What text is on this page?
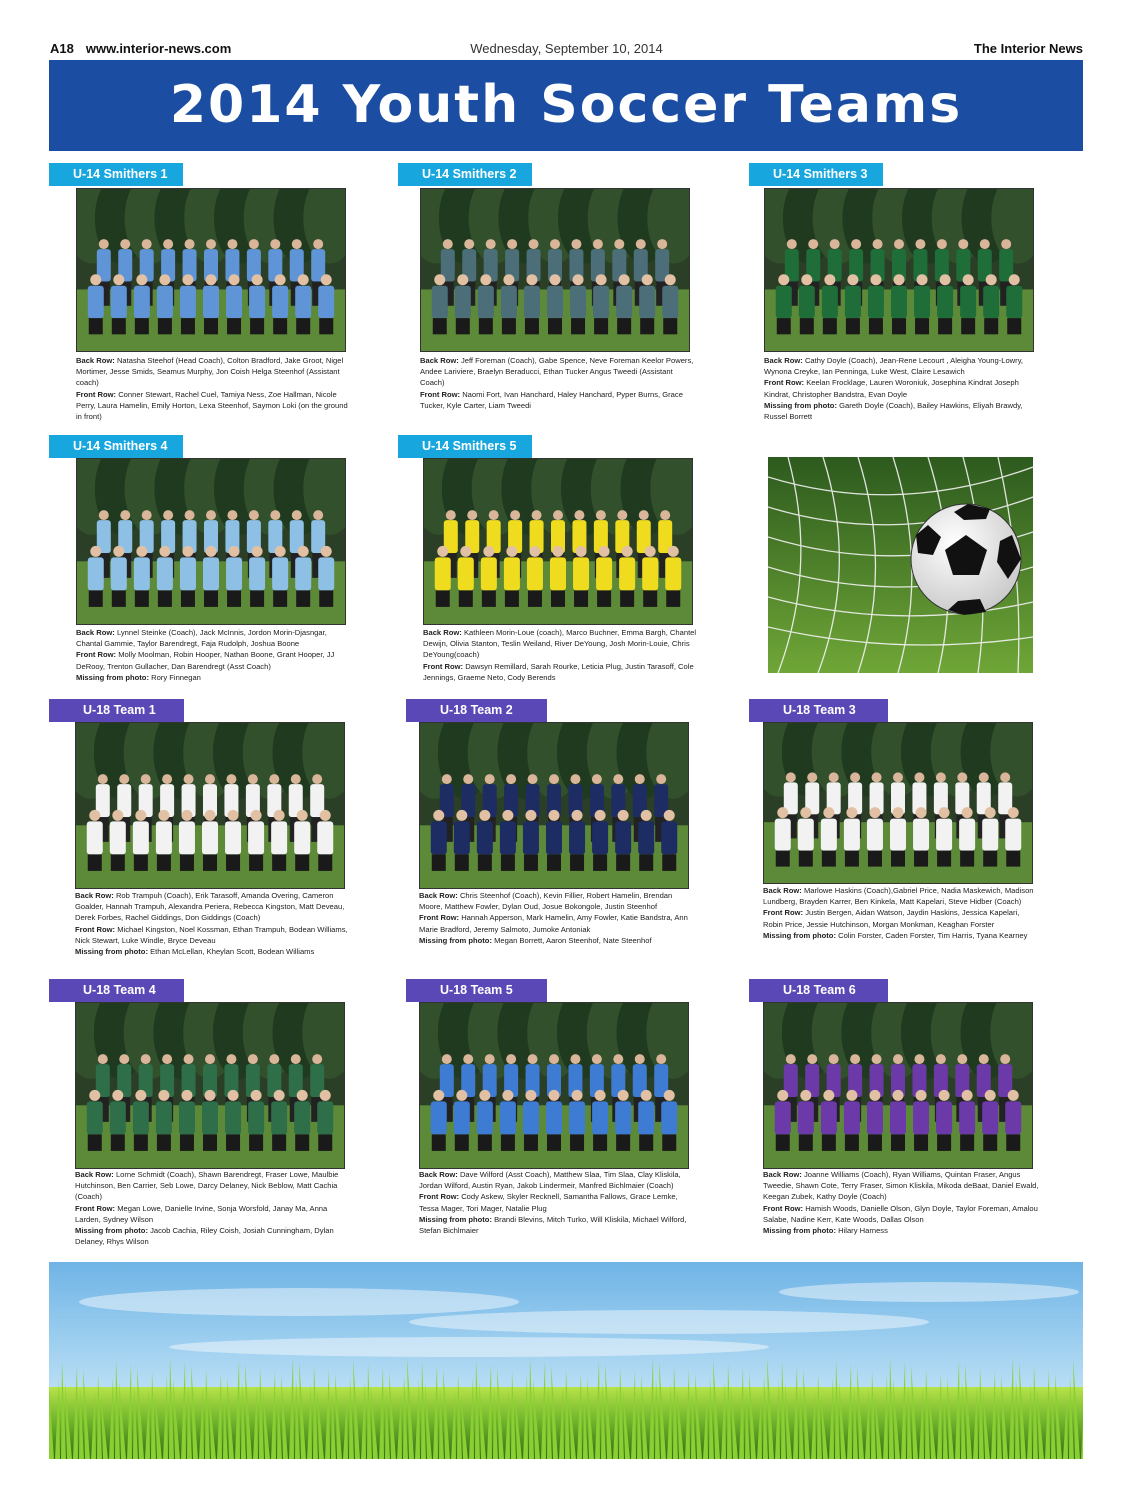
A18 www.interior-news.com	Wednesday, September 10, 2014	The Interior News
2014 Youth Soccer Teams
U-14 Smithers 1

Back Row: Natasha Steehof (Head Coach), Colton Bradford, Jake Groot, Nigel Mortimer, Jesse Smids, Seamus Murphy, Jon Coish Helga Steenhof (Assistant coach)

Front Row: Conner Stewart, Rachel Cuel, Tamiya Ness, Zoe Hallman, Nicole Perry, Laura Hamelin, Emily Horton, Lexa Steenhof, Saymon Loki (on the ground in front)

U-14 Smithers 2

Back Row: Jeff Foreman (Coach), Gabe Spence, Neve Foreman Keelor Powers, Andee Lariviere, Braelyn Beraducci, Ethan Tucker Angus Tweedi (Assistant Coach)

Front Row: Naomi Fort, Ivan Hanchard, Haley Hanchard, Pyper Burns, Grace Tucker, Kyle Carter, Liam Tweedi

U-14 Smithers 3

Back Row: Cathy Doyle (Coach), Jean-Rene Lecourt , Aleigha Young-Lowry, Wynona Creyke, Ian Penninga, Luke West, Claire Lesawich

Front Row: Keelan Frocklage, Lauren Woroniuk, Josephina Kindrat Joseph Kindrat, Christopher Bandstra, Evan Doyle

Missing from photo: Gareth Doyle (Coach), Bailey Hawkins, Eliyah Brawdy, Russel Borrett

U-14 Smithers 4

Back Row: Lynnel Steinke (Coach), Jack McInnis, Jordon Morin-Djasngar, Chantal Gammie, Taylor Barendregt, Faja Rudolph, Joshua Boone

Front Row: Molly Moolman, Robin Hooper, Nathan Boone, Grant Hooper, JJ DeRooy, Trenton Gullacher, Dan Barendregt (Asst Coach)

Missing from photo: Rory Finnegan

U-14 Smithers 5

Back Row: Kathleen Morin-Loue (coach), Marco Buchner, Emma Bargh, Chantel Dewijn, Olivia Stanton, Teslin Weiland, River DeYoung, Josh Morin-Louie, Chris DeYoung(coach)

Front Row: Dawsyn Remillard, Sarah Rourke, Leticia Plug, Justin Tarasoff, Cole Jennings, Graeme Neto, Cody Berends

U-18 Team 1

Back Row: Rob Trampuh (Coach), Erik Tarasoff, Amanda Overing, Cameron Goalder, Hannah Trampuh, Alexandra Periera, Rebecca Kingston, Matt Deveau, Derek Forbes, Rachel Giddings, Don Giddings (Coach)

Front Row: Michael Kingston, Noel Kossman, Ethan Trampuh, Bodean Williams, Nick Stewart, Luke Windle, Bryce Deveau

Missing from photo: Ethan McLellan, Kheylan Scott, Bodean Williams

U-18 Team 2

Back Row: Chris Steenhof (Coach), Kevin Fillier, Robert Hamelin, Brendan Moore, Matthew Fowler, Dylan Oud, Josue Bokongole, Justin Steenhof

Front Row: Hannah Apperson, Mark Hamelin, Amy Fowler, Katie Bandstra, Ann Marie Bradford, Jeremy Salmoto, Jumoke Antoniak

Missing from photo: Megan Borrett, Aaron Steenhof, Nate Steenhof

U-18 Team 3

Back Row: Marlowe Haskins (Coach),Gabriel Price, Nadia Maskewich, Madison Lundberg, Brayden Karrer, Ben Kinkela, Matt Kapelari, Steve Hidber (Coach)

Front Row: Justin Bergen, Aidan Watson, Jaydin Haskins, Jessica Kapelari, Robin Price, Jessie Hutchinson, Morgan Monkman, Keaghan Forster

Missing from photo: Colin Forster, Caden Forster, Tim Harris, Tyana Kearney

U-18 Team 4

Back Row: Lorne Schmidt (Coach), Shawn Barendregt, Fraser Lowe, Maulbie Hutchinson, Ben Carrier, Seb Lowe, Darcy Delaney, Nick Beblow, Matt Cachia (Coach)

Front Row: Megan Lowe, Danielle Irvine, Sonja Worsfold, Janay Ma, Anna Larden, Sydney Wilson

Missing from photo: Jacob Cachia, Riley Coish, Josiah Cunningham, Dylan Delaney, Rhys Wilson

U-18 Team 5

Back Row: Dave Wilford (Asst Coach), Matthew Slaa, Tim Slaa, Clay Kliskila, Jordan Wilford, Austin Ryan, Jakob Lindermeir, Manfred Bichlmaier (Coach)

Front Row: Cody Askew, Skyler Recknell, Samantha Fallows, Grace Lemke, Tessa Mager, Tori Mager, Natalie Plug

Missing from photo: Brandi Blevins, Mitch Turko, Will Kliskila, Michael Wilford, Stefan Bichlmaier

U-18 Team 6

Back Row: Joanne Williams (Coach), Ryan Williams, Quintan Fraser, Angus Tweedie, Shawn Cote, Terry Fraser, Simon Kliskila, Mikoda deBaat, Daniel Ewald, Keegan Zubek, Kathy Doyle (Coach)

Front Row: Hamish Woods, Danielle Olson, Glyn Doyle, Taylor Foreman, Amalou Salabe, Nadine Kerr, Kate Woods, Dallas Olson

Missing from photo: Hilary Harness
